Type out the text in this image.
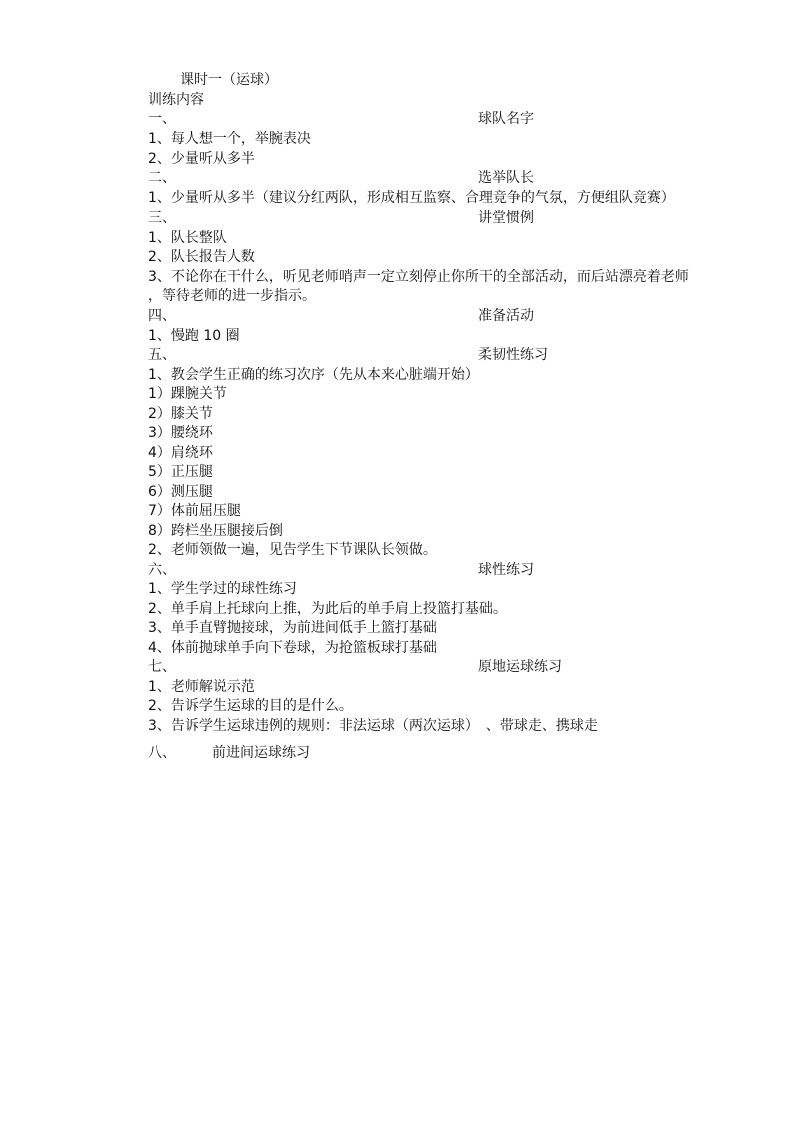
课时一（运球）
训练内容
一、	球队名字
1、每人想一个，举腕表决
2、少量听从多半
二、	选举队长
1、少量听从多半（建议分红两队，形成相互监察、合理竞争的气氛，方便组队竞赛）
三、	讲堂惯例
1、队长整队
2、队长报告人数
3、不论你在干什么，听见老师哨声一定立刻停止你所干的全部活动，而后站漂亮着老师
，等待老师的进一步指示。
四、	准备活动
1、慢跑 10 圈
五、	柔韧性练习
1、教会学生正确的练习次序（先从本来心脏端开始）
1）踝腕关节
2）膝关节
3）腰绕环
4）肩绕环
5）正压腿
6）测压腿
7）体前屈压腿
8）跨栏坐压腿接后倒
2、老师领做一遍，见告学生下节课队长领做。
六、	球性练习
1、学生学过的球性练习
2、单手肩上托球向上推，为此后的单手肩上投篮打基础。
3、单手直臂抛接球，为前进间低手上篮打基础
4、体前抛球单手向下卷球，为抢篮板球打基础
七、	原地运球练习
1、老师解说示范
2、告诉学生运球的目的是什么。
3、告诉学生运球违例的规则：非法运球（两次运球）　、带球走、携球走
八、	前进间运球练习
